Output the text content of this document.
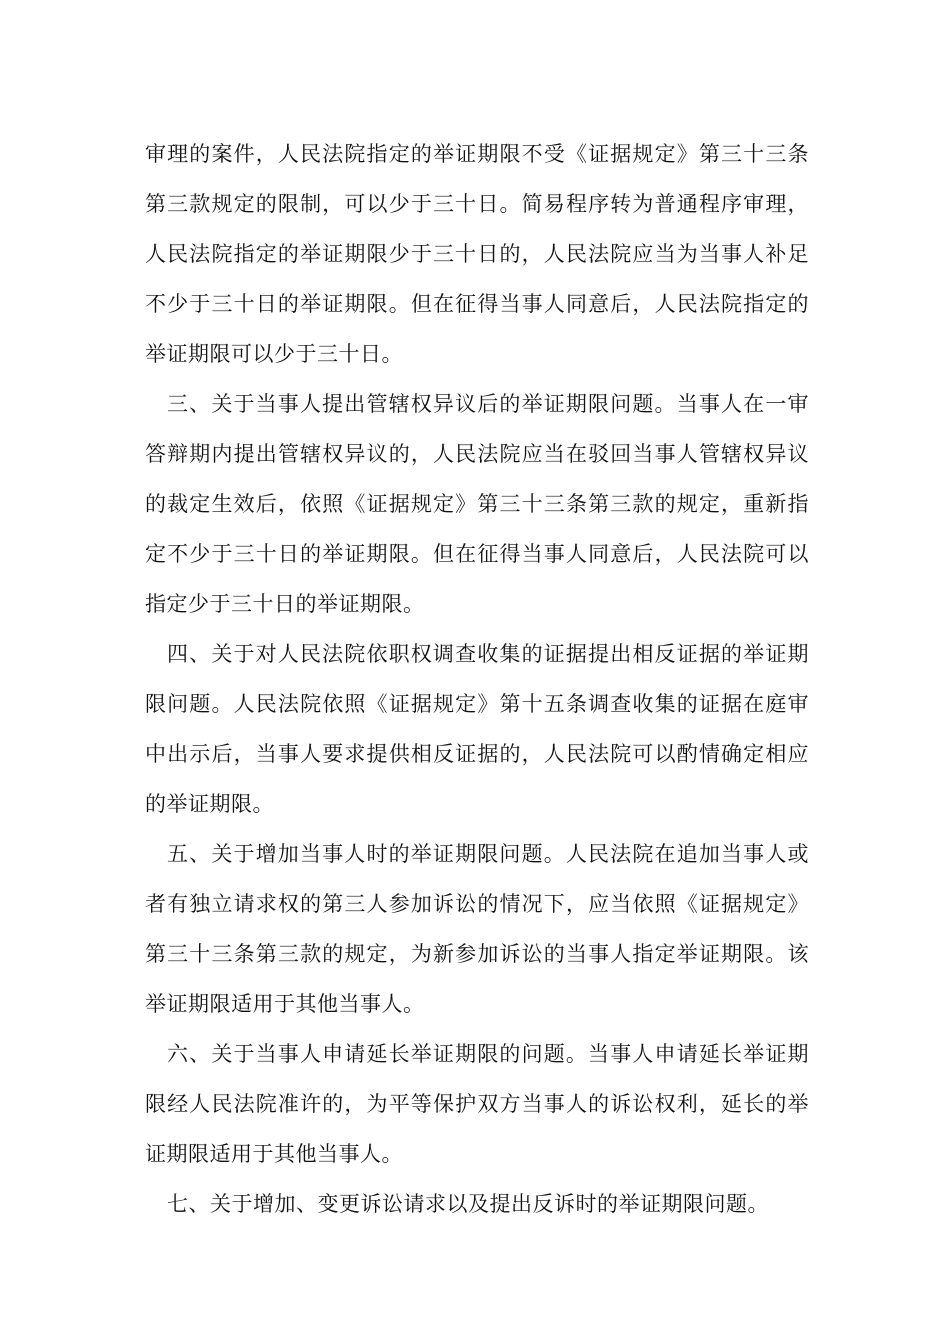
审理的案件，人民法院指定的举证期限不受《证据规定》第三十三条第三款规定的限制，可以少于三十日。简易程序转为普通程序审理，人民法院指定的举证期限少于三十日的，人民法院应当为当事人补足不少于三十日的举证期限。但在征得当事人同意后，人民法院指定的举证期限可以少于三十日。

三、关于当事人提出管辖权异议后的举证期限问题。当事人在一审答辩期内提出管辖权异议的，人民法院应当在驳回当事人管辖权异议的裁定生效后，依照《证据规定》第三十三条第三款的规定，重新指定不少于三十日的举证期限。但在征得当事人同意后，人民法院可以指定少于三十日的举证期限。

四、关于对人民法院依职权调查收集的证据提出相反证据的举证期限问题。人民法院依照《证据规定》第十五条调查收集的证据在庭审中出示后，当事人要求提供相反证据的，人民法院可以酌情确定相应的举证期限。

五、关于增加当事人时的举证期限问题。人民法院在追加当事人或者有独立请求权的第三人参加诉讼的情况下，应当依照《证据规定》第三十三条第三款的规定，为新参加诉讼的当事人指定举证期限。该举证期限适用于其他当事人。

六、关于当事人申请延长举证期限的问题。当事人申请延长举证期限经人民法院准许的，为平等保护双方当事人的诉讼权利，延长的举证期限适用于其他当事人。

七、关于增加、变更诉讼请求以及提出反诉时的举证期限问题。
